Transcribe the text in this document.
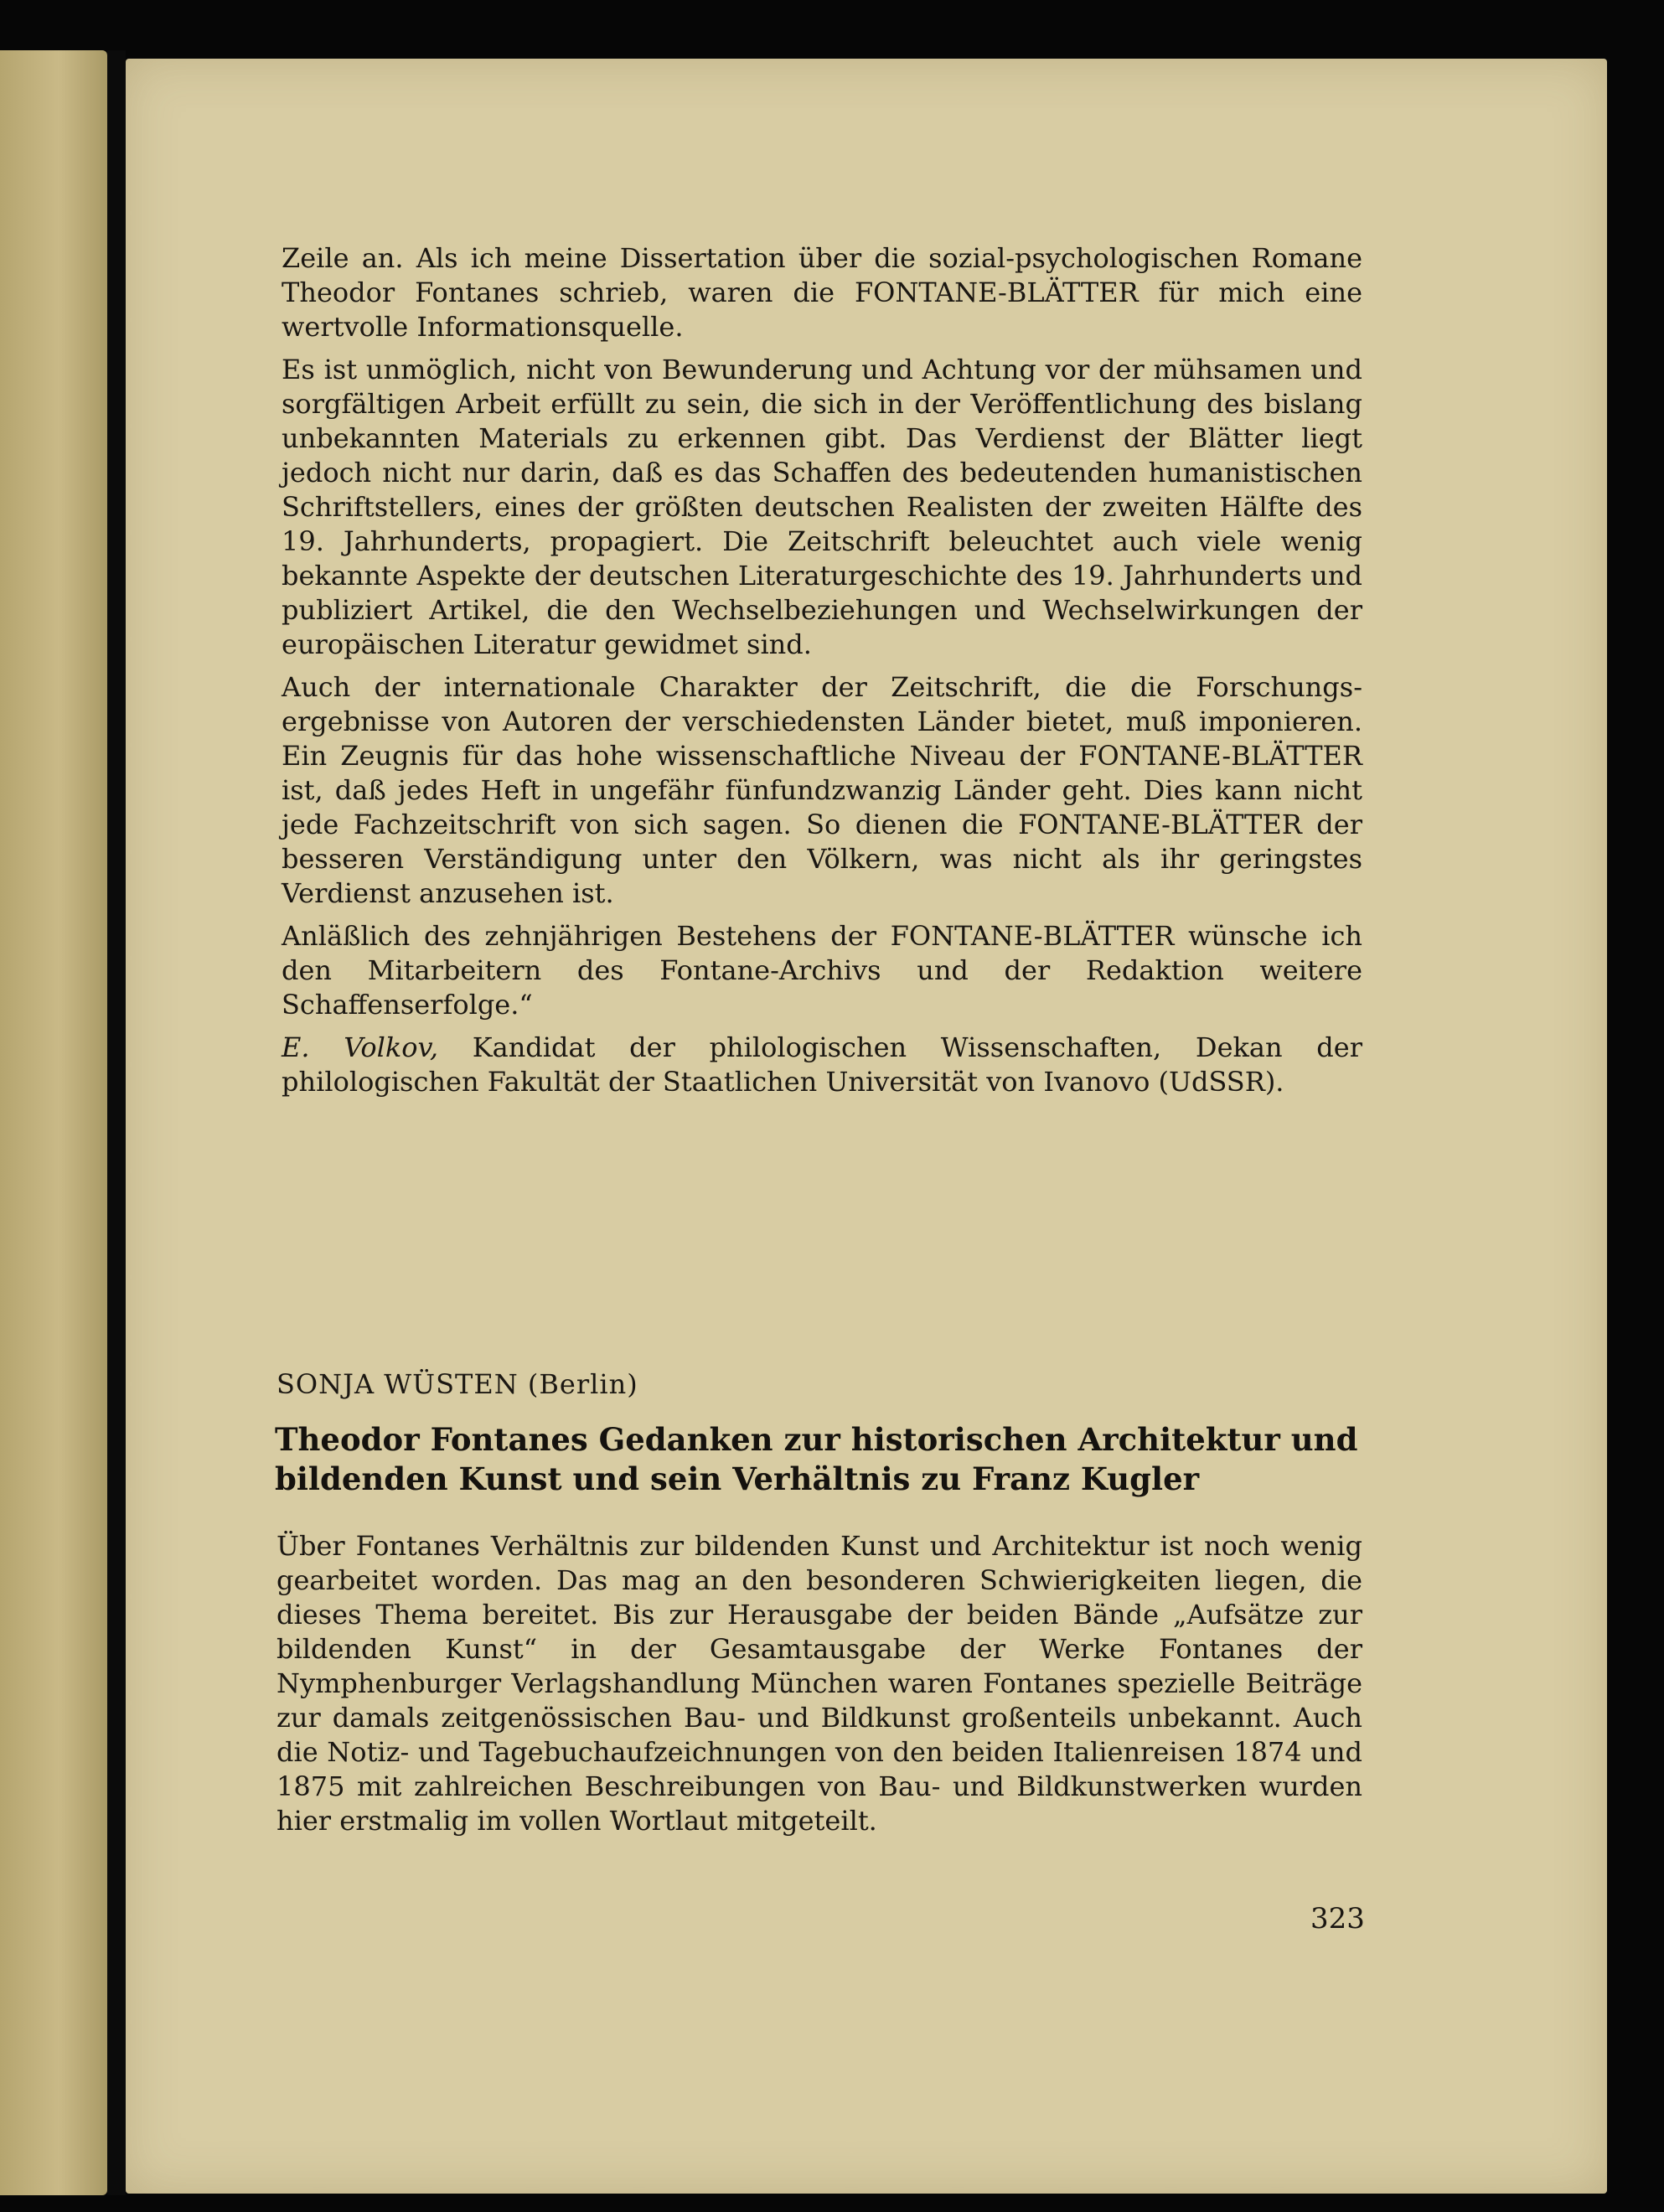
Zeile an. Als ich meine Dissertation über die sozial-psychologischen Romane Theodor Fontanes schrieb, waren die FONTANE-BLÄTTER für mich eine wertvolle Informationsquelle.

Es ist unmöglich, nicht von Bewunderung und Achtung vor der mühsamen und sorgfältigen Arbeit erfüllt zu sein, die sich in der Veröffentlichung des bislang unbekannten Materials zu erkennen gibt. Das Verdienst der Blätter liegt jedoch nicht nur darin, daß es das Schaffen des bedeutenden humanistischen Schriftstellers, eines der größten deutschen Realisten der zweiten Hälfte des 19. Jahrhunderts, propagiert. Die Zeitschrift beleuchtet auch viele wenig bekannte Aspekte der deutschen Literaturgeschichte des 19. Jahrhunderts und publiziert Artikel, die den Wechselbeziehungen und Wechselwirkungen der europäischen Literatur gewidmet sind.

Auch der internationale Charakter der Zeitschrift, die die Forschungsergebnisse von Autoren der verschiedensten Länder bietet, muß imponieren. Ein Zeugnis für das hohe wissenschaftliche Niveau der FONTANE-BLÄTTER ist, daß jedes Heft in ungefähr fünfundzwanzig Länder geht. Dies kann nicht jede Fachzeitschrift von sich sagen. So dienen die FONTANE-BLÄTTER der besseren Verständigung unter den Völkern, was nicht als ihr geringstes Verdienst anzusehen ist.

Anläßlich des zehnjährigen Bestehens der FONTANE-BLÄTTER wünsche ich den Mitarbeitern des Fontane-Archivs und der Redaktion weitere Schaffenserfolge.“

E. Volkov, Kandidat der philologischen Wissenschaften, Dekan der philologischen Fakultät der Staatlichen Universität von Ivanovo (UdSSR).

SONJA WÜSTEN (Berlin)
Theodor Fontanes Gedanken zur historischen Architektur und bildenden Kunst und sein Verhältnis zu Franz Kugler
Über Fontanes Verhältnis zur bildenden Kunst und Architektur ist noch wenig gearbeitet worden. Das mag an den besonderen Schwierigkeiten liegen, die dieses Thema bereitet. Bis zur Herausgabe der beiden Bände „Aufsätze zur bildenden Kunst“ in der Gesamtausgabe der Werke Fontanes der Nymphenburger Verlagshandlung München waren Fontanes spezielle Beiträge zur damals zeitgenössischen Bau- und Bildkunst großenteils unbekannt. Auch die Notiz- und Tagebuchaufzeichnungen von den beiden Italienreisen 1874 und 1875 mit zahlreichen Beschreibungen von Bau- und Bildkunstwerken wurden hier erstmalig im vollen Wortlaut mitgeteilt.
323
